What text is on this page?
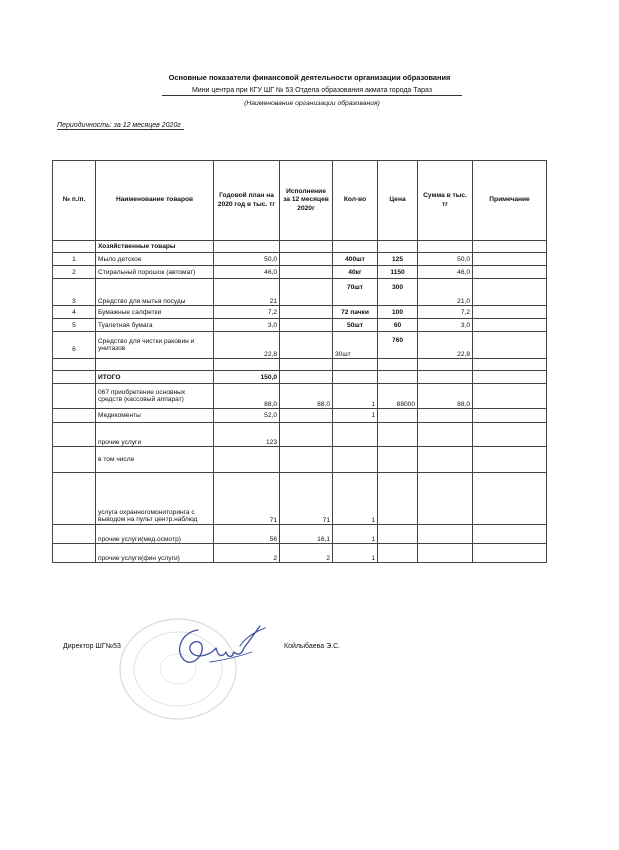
Основные показатели финансовой деятельности организации образования
Мини центра при КГУ ШГ № 53 Отдела образования акмата города Тараз
(Наименование организации образования)
Периодичность: за 12 месяцев 2020г
№ п./п.	Наименование товаров	Годовой план на 2020 год в тыс. тг	Исполнение за 12 месяцев 2020г	Кол-во	Цена	Сумма в тыс. тг	Примечание
	Хозяйственные товары						
1	Мыло детское	50,0		400шт	125	50,0	
2	Стиральный порошок (автомат)	46,0		40кг	1150	46,0	
3	Средство для мытья посуды	21		70шт	300	21,0	
4	Бумажные салфетки	7,2		72 пачки	100	7,2	
5	Туалетная бумага	3,0		50шт	60	3,0	
6	Средство для чистки раковин и унитазов	22,8		30шт	760	22,8	

	ИТОГО	150,0					
	067 приобретение основных средств (кассовый аппарат)	88,0	88,0	1	88000	88,0	
	Медикоменты	52,0		1			
	прочие услуги	123					
	в том числе						
	услуга охранногомониторинга с выводом на пульт центр.наблюд	71	71	1			
	прочие услуги(мед.осмотр)	56	16,1	1			
	прочие услуги(фин услуги)	2	2	1			
Директор ШГ№53	Койлыбаева Э.С.
